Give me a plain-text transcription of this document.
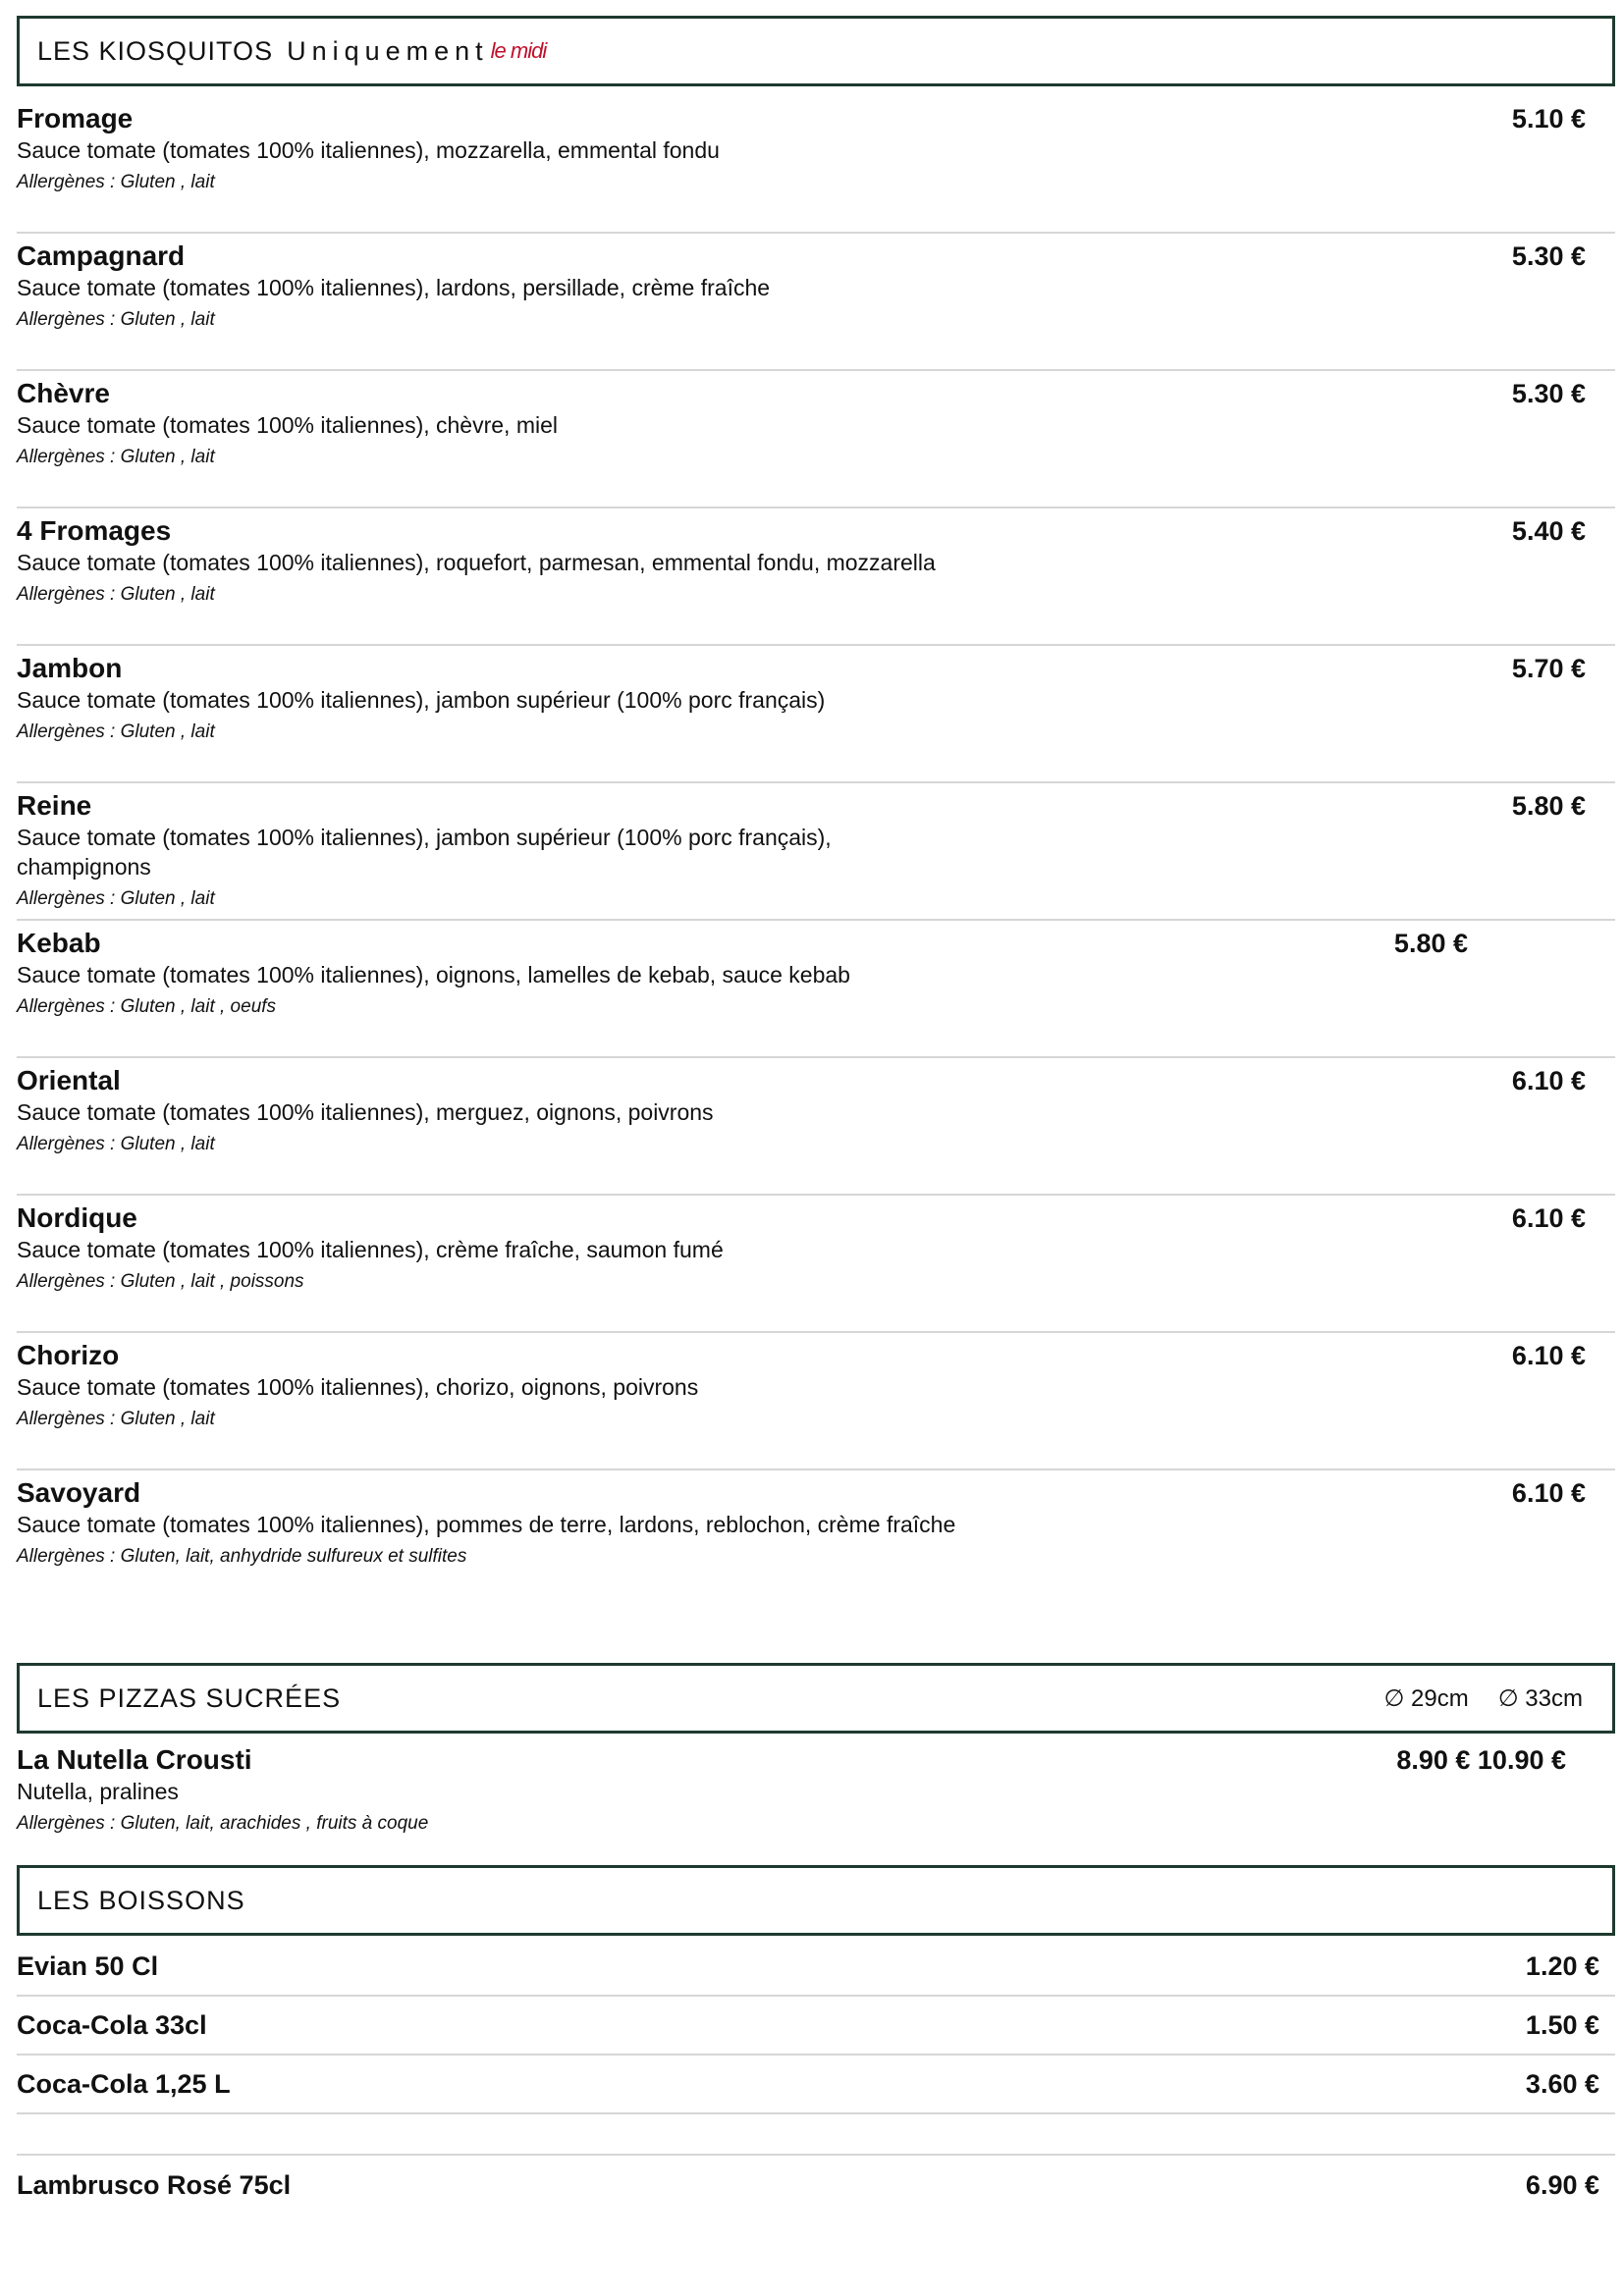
LES KIOSQUITOS Uniquement le midi
Fromage
Sauce tomate (tomates 100% italiennes), mozzarella, emmental fondu
Allergènes : Gluten , lait
5.10 €
Campagnard
Sauce tomate (tomates 100% italiennes), lardons, persillade, crème fraîche
Allergènes : Gluten , lait
5.30 €
Chèvre
Sauce tomate (tomates 100% italiennes), chèvre, miel
Allergènes : Gluten , lait
5.30 €
4 Fromages
Sauce tomate (tomates 100% italiennes), roquefort, parmesan, emmental fondu, mozzarella
Allergènes : Gluten , lait
5.40 €
Jambon
Sauce tomate (tomates 100% italiennes), jambon supérieur (100% porc français)
Allergènes : Gluten , lait
5.70 €
Reine
Sauce tomate (tomates 100% italiennes), jambon supérieur (100% porc français), champignons
Allergènes : Gluten , lait
5.80 €
Kebab
Sauce tomate (tomates 100% italiennes), oignons, lamelles de kebab, sauce kebab
Allergènes : Gluten , lait , oeufs
5.80 €
Oriental
Sauce tomate (tomates 100% italiennes), merguez, oignons, poivrons
Allergènes : Gluten , lait
6.10 €
Nordique
Sauce tomate (tomates 100% italiennes), crème fraîche, saumon fumé
Allergènes : Gluten , lait , poissons
6.10 €
Chorizo
Sauce tomate (tomates 100% italiennes), chorizo, oignons, poivrons
Allergènes : Gluten , lait
6.10 €
Savoyard
Sauce tomate (tomates 100% italiennes), pommes de terre, lardons, reblochon, crème fraîche
Allergènes : Gluten, lait, anhydride sulfureux et sulfites
6.10 €
LES PIZZAS SUCRÉES	∅ 29cm ∅ 33cm
La Nutella Crousti
Nutella, pralines
Allergènes : Gluten, lait, arachides , fruits à coque
8.90 € 10.90 €
LES BOISSONS
Evian 50 Cl	1.20 €
Coca-Cola 33cl	1.50 €
Coca-Cola 1,25 L	3.60 €
Lambrusco Rosé 75cl	6.90 €
